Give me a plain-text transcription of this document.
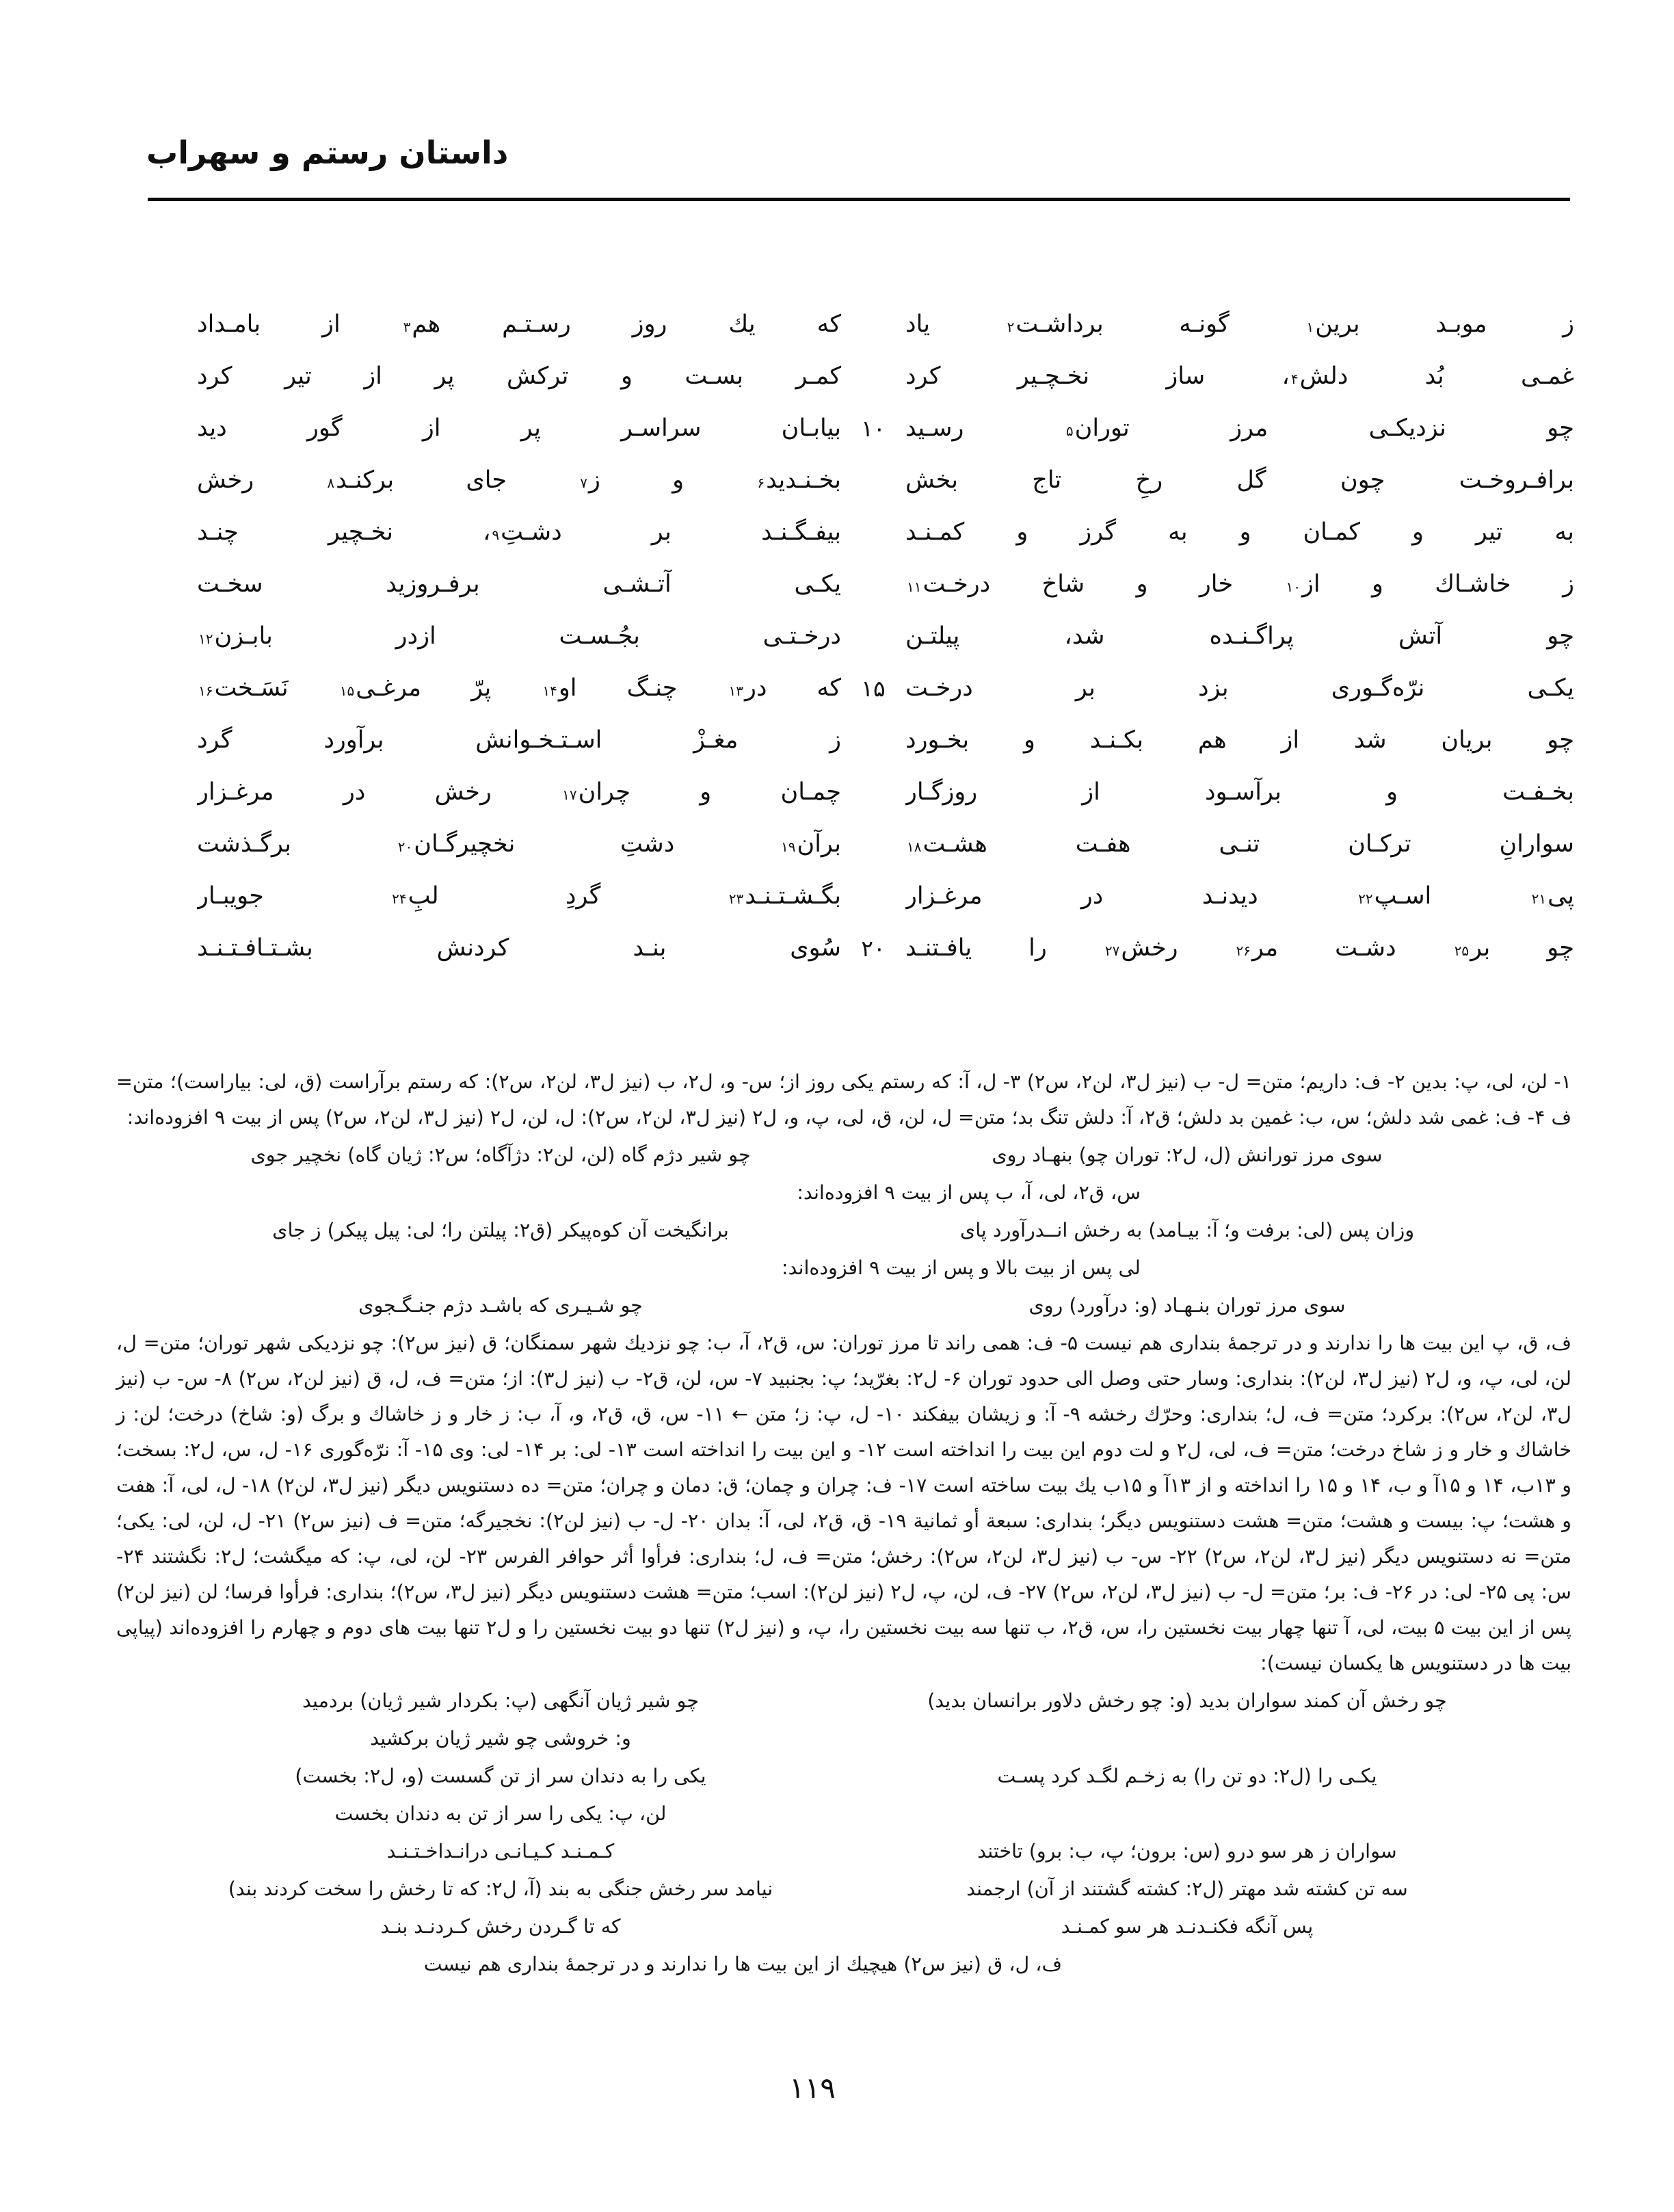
داستان رستم و سهراب
ز موبـد برین$^۱$ گونـه برداشـت$^۲$ یاد
که یك روز رسـتـم هم$^۳$ از بامـداد
غمـی بُد دلش$^۴$، ساز نخـچـیر کرد
کمـر بسـت و ترکش پر از تیر کرد
چو نزدیکـی مرز توران$^۵$ رسـید
۱۰
بیابـان سراسـر پر از گور دید
برافـروخـت چون گل رخِ تاج بخش
بخـنـدید$^۶$ و ز$^۷$ جای برکنـد$^۸$ رخش
به تیر و کمـان و به گرز و کمـنـد
بیفـگـنـد بر دشـتِ$^۹$، نخـچیر چنـد
ز خاشـاك و از$^{۱۰}$ خار و شاخ درخـت$^{۱۱}$
یکـی آتـشـی برفـروزید سخـت
چو آتش پراگـنـده شد، پیلتـن
درخـتـی بجُـسـت ازدر بابـزن$^{۱۲}$
یکـی نرّه‌گـوری بزد بر درخـت
۱۵
که در$^{۱۳}$ چنـگ او$^{۱۴}$ پرّ مرغـی$^{۱۵}$ نَسَـخت$^{۱۶}$
چو بریان شد از هم بکـنـد و بخـورد
ز مغـزْ اسـتـخـوانش برآورد گرد
بخـفـت و برآسـود از روزگـار
چمـان و چران$^{۱۷}$ رخش در مرغـزار
سوارانِ ترکـان تنـی هفـت هشـت$^{۱۸}$
برآن$^{۱۹}$ دشتِ نخچیرگـان$^{۲۰}$ برگـذشت
پی$^{۲۱}$ اسـپ$^{۲۲}$ دیدنـد در مرغـزار
بگـشـتـنـد$^{۲۳}$ گردِ لبِ$^{۲۴}$ جویبـار
چو بر$^{۲۵}$ دشـت مر$^{۲۶}$ رخش$^{۲۷}$ را یافـتنـد
۲۰
سُوی بنـد کردنش بشـتـافـتـنـد
۱- لن، لی، پ: بدین ۲- ف: داریم؛ متن= ل- ب (نیز ل۳، لن۲، س۲) ۳- ل، آ: که رستم یکی روز از؛ س- و، ل۲، ب (نیز ل۳، لن۲، س۲): که رستم برآراست (ق، لی: بیاراست)؛ متن= ف ۴- ف: غمی شد دلش؛ س، ب: غمین بد دلش؛ ق۲، آ: دلش تنگ بد؛ متن= ل، لن، ق، لی، پ، و، ل۲ (نیز ل۳، لن۲، س۲): ل، لن، ل۲ (نیز ل۳، لن۲، س۲) پس از بیت ۹ افزوده‌اند:
سوی مرز تورانش (ل، ل۲: توران چو) بنهـاد روی
چو شیر دژم گاه (لن، لن۲: دژآگاه؛ س۲: ژیان گاه) نخچیر جوی
س، ق۲، لی، آ، ب پس از بیت ۹ افزوده‌اند:
وزان پس (لی: برفت و؛ آ: بیـامد) به رخش انــدرآورد پای
برانگیخت آن کوه‌پیکر (ق۲: پیلتن را؛ لی: پیل پیکر) ز جای
لی پس از بیت بالا و پس از بیت ۹ افزوده‌اند:
سوی مرز توران بنـهـاد (و: درآورد) روی
چو شـیـری که باشـد دژم جنـگـجوی
ف، ق، پ این بیت ها را ندارند و در ترجمهٔ بنداری هم نیست ۵- ف: همی راند تا مرز توران: س، ق۲، آ، ب: چو نزدیك شهر سمنگان؛ ق (نیز س۲): چو نزدیکی شهر توران؛ متن= ل، لن، لی، پ، و، ل۲ (نیز ل۳، لن۲): بنداری: وسار حتی وصل الی حدود توران ۶- ل۲: بغرّید؛ پ: بجنبید ۷- س، لن، ق۲- ب (نیز ل۳): از؛ متن= ف، ل، ق (نیز لن۲، س۲) ۸- س- ب (نیز ل۳، لن۲، س۲): برکرد؛ متن= ف، ل؛ بنداری: وحرّك رخشه ۹- آ: و زیشان بیفکند ۱۰- ل، پ: ز؛ متن ← ۱۱- س، ق، ق۲، و، آ، ب: ز خار و ز خاشاك و برگ (و: شاخ) درخت؛ لن: ز خاشاك و خار و ز شاخ درخت؛ متن= ف، لی، ل۲ و لت دوم این بیت را انداخته است ۱۲- و این بیت را انداخته است ۱۳- لی: بر ۱۴- لی: وی ۱۵- آ: نرّه‌گوری ۱۶- ل، س، ل۲: بسخت؛ و ۱۳ب، ۱۴ و ۱۵آ و ب، ۱۴ و ۱۵ را انداخته و از ۱۳آ و ۱۵ب یك بیت ساخته است ۱۷- ف: چران و چمان؛ ق: دمان و چران؛ متن= ده دستنویس دیگر (نیز ل۳، لن۲) ۱۸- ل، لی، آ: هفت و هشت؛ پ: بیست و هشت؛ متن= هشت دستنویس دیگر؛ بنداری: سبعة أو ثمانیة ۱۹- ق، ق۲، لی، آ: بدان ۲۰- ل- ب (نیز لن۲): نخجیرگه؛ متن= ف (نیز س۲) ۲۱- ل، لن، لی: یکی؛ متن= نه دستنویس دیگر (نیز ل۳، لن۲، س۲) ۲۲- س- ب (نیز ل۳، لن۲، س۲): رخش؛ متن= ف، ل؛ بنداری: فرأوا أثر حوافر الفرس ۲۳- لن، لی، پ: که میگشت؛ ل۲: نگشتند ۲۴- س: پی ۲۵- لی: در ۲۶- ف: بر؛ متن= ل- ب (نیز ل۳، لن۲، س۲) ۲۷- ف، لن، پ، ل۲ (نیز لن۲): اسب؛ متن= هشت دستنویس دیگر (نیز ل۳، س۲)؛ بنداری: فرأوا فرسا؛ لن (نیز لن۲) پس از این بیت ۵ بیت، لی، آ تنها چهار بیت نخستین را، س، ق۲، ب تنها سه بیت نخستین را، پ، و (نیز ل۲) تنها دو بیت نخستین را و ل۲ تنها بیت های دوم و چهارم را افزوده‌اند (پیاپی بیت ها در دستنویس ها یکسان نیست):
چو رخش آن کمند سواران بدید (و: چو رخش دلاور برانسان بدید)
چو شیر ژیان آنگهی (پ: بکردار شیر ژیان) بردمید
و: خروشی چو شیر ژیان برکشید
یکـی را (ل۲: دو تن را) به زخـم لگـد کرد پسـت
یکی را به دندان سر از تن گسست (و، ل۲: بخست)
لن، پ: یکی را سر از تن به دندان بخست
سواران ز هر سو درو (س: برون؛ پ، ب: برو) تاختند
کـمـنـد کـیـانـی درانـداخـتـنـد
سه تن کشته شد مهتر (ل۲: کشته گشتند از آن) ارجمند
نیامد سر رخش جنگی به بند (آ، ل۲: که تا رخش را سخت کردند بند)
پس آنگه فکنـدنـد هر سو کمـنـد
که تا گـردن رخش کـردنـد بنـد
ف، ل، ق (نیز س۲) هیچیك از این بیت ها را ندارند و در ترجمهٔ بنداری هم نیست
۱۱۹
